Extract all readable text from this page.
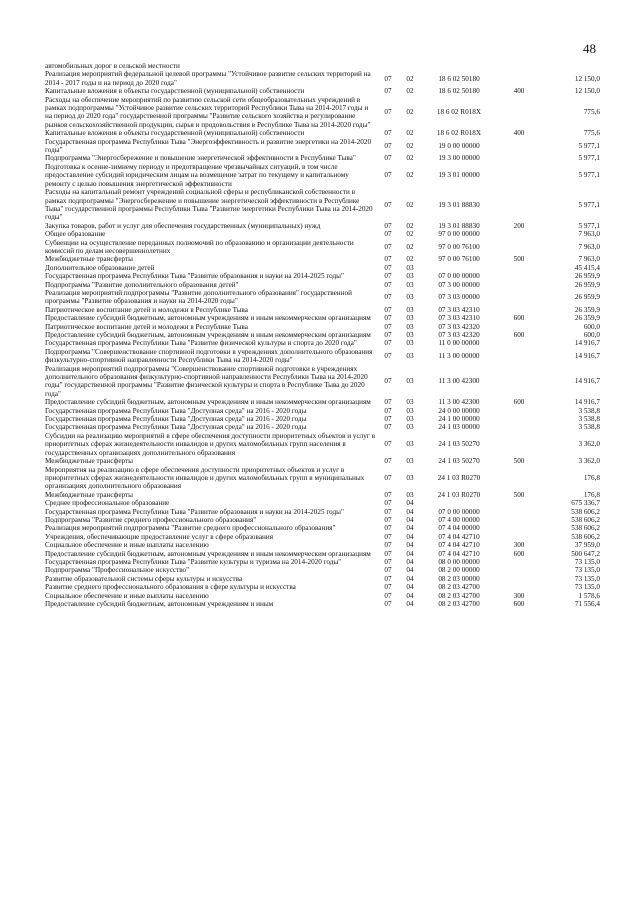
48
автомобильных дорог в сельской местности
Реализация мероприятий федеральной целевой программы "Устойчивое развитие сельских территорий на 2014 - 2017 годы и на период до 2020 года"
07	02	18 6 02 50180	12 150,0
Капитальные вложения в объекты государственной (муниципальной) собственности	07	02	18 6 02 50180	400	12 150,0
Расходы на обеспечение мероприятий по развитию сельской сети общеобразовательных учреждений в рамках подпрограммы "Устойчивое развитие сельских территорий Республики Тыва на 2014-2017 годы и на период до 2020 года" государственной программы "Развитие сельского хозяйства и регулирование рынков сельскохозяйственной продукции, сырья и продовольствия в Республике Тыва на 2014-2020 годы"
07	02	18 6 02 R018Х	775,6
Капитальные вложения в объекты государственной (муниципальной) собственности	07	02	18 6 02 R018Х	400	775,6
Государственная программа Республики Тыва "Энергоэффективность и развитие энергетики на 2014-2020 годы"
07	02	19 0 00 00000	5 977,1
Подпрограмма "Энергосбережение и повышение энергетической эффективности в Республике Тыва"	07	02	19 3 00 00000	5 977,1
Подготовка к осенне-зимнему периоду и предотвращение чрезвычайных ситуаций, в том числе предоставление субсидий юридическим лицам на возмещение затрат по текущему и капитальному ремонту с целью повышения энергетической эффективности
07	02	19 3 01 00000	5 977,1
Расходы на капитальный ремонт учреждений социальной сферы и республиканской собственности в рамках подпрограммы "Энергосбережение и повышение энергетической эффективности в Республике Тыва" государственной программы Республики Тыва "Развитие энергетики Республики Тыва на 2014-2020 годы"
07	02	19 3 01 88830	5 977,1
Закупка товаров, работ и услуг для обеспечения государственных (муниципальных) нужд	07	02	19 3 01 88830	200	5 977,1
Общее образование	07	02	97 0 00 00000	7 963,0
Субвенции на осуществление переданных полномочий по образованию и организации деятельности комиссий по делам несовершеннолетних
07	02	97 0 00 76100	7 963,0
Межбюджетные трансферты	07	02	97 0 00 76100	500	7 963,0
Дополнительное образование детей	07	03	45 415,4
Государственная программа Республики Тыва "Развитие образования и науки на 2014-2025 годы"	07	03	07 0 00 00000	26 959,9
Подпрограмма "Развитие дополнительного образования детей"	07	03	07 3 00 00000	26 959,9
Реализация мероприятий подпрограммы "Развитие дополнительного образования" государственной программы "Развитие образования и науки на 2014-2020 годы"
07	03	07 3 03 00000	26 959,9
Патриотическое воспитание детей и молодежи в Республике Тыва	07	03	07 3 03 42310	26 359,9
Предоставление субсидий бюджетным, автономным учреждениям и иным некоммерческим организациям	07	03	07 3 03 42310	600	26 359,9
Патриотическое воспитание детей и молодежи в Республике Тыва	07	03	07 3 03 42320	600,0
Предоставление субсидий бюджетным, автономным учреждениям и иным некоммерческим организациям	07	03	07 3 03 42320	600	600,0
Государственная программа Республики Тыва "Развитие физической культуры и спорта до 2020 года"	07	03	11 0 00 00000	14 916,7
Подпрограмма "Совершенствование спортивной подготовки в учреждениях дополнительного образования физкультурно-спортивной направленности Республики Тыва на 2014-2020 годы"
07	03	11 3 00 00000	14 916,7
Реализация мероприятий подпрограммы "Совершенствование спортивной подготовки в учреждениях дополнительного образования физкультурно-спортивной направленности Республики Тыва на 2014-2020 годы" государственной программы "Развитие физической культуры и спорта в Республике Тыва до 2020 года"
07	03	11 3 00 42300	14 916,7
Предоставление субсидий бюджетным, автономным учреждениям и иным некоммерческим организациям	07	03	11 3 00 42300	600	14 916,7
Государственная программа Республики Тыва "Доступная среда" на 2016 - 2020 годы	07	03	24 0 00 00000	3 538,8
Государственная программа Республики Тыва "Доступная среда" на 2016 - 2020 годы	07	03	24 1 00 00000	3 538,8
Государственная программа Республики Тыва "Доступная среда" на 2016 - 2020 годы	07	03	24 1 03 00000	3 538,8
Субсидии на реализацию мероприятий в сфере обеспечения доступности приоритетных объектов и услуг в приоритетных сферах жизнедеятельности инвалидов и других маломобильных групп населения в государственных организациях дополнительного образования
07	03	24 1 03 50270	3 362,0
Межбюджетные трансферты	07	03	24 1 03 50270	500	3 362,0
Мероприятия на реализацию в сфере обеспечения доступности приоритетных объектов и услуг в приоритетных сферах жизнедеятельности инвалидов и других маломобильных групп в муниципальных организациях дополнительного образования
07	03	24 1 03 R0270	176,8
Межбюджетные трансферты	07	03	24 1 03 R0270	500	176,8
Среднее профессиональное образование	07	04	675 336,7
Государственная программа Республики Тыва "Развитие образования и науки на 2014-2025 годы"	07	04	07 0 00 00000	538 606,2
Подпрограмма "Развитие среднего профессионального образования"	07	04	07 4 00 00000	538 606,2
Реализация мероприятий подпрограммы "Развитие среднего профессионального образования"	07	04	07 4 04 00000	538 606,2
Учреждения, обеспечивающие предоставление услуг в сфере образования	07	04	07 4 04 42710	538 606,2
Социальное обеспечение и иные выплаты населению	07	04	07 4 04 42710	300	37 959,0
Предоставление субсидий бюджетным, автономным учреждениям и иным некоммерческим организациям	07	04	07 4 04 42710	600	500 647,2
Государственная программа Республики Тыва "Развитие культуры и туризма на 2014-2020 годы"	07	04	08 0 00 00000	73 135,0
Подпрограмма "Профессиональное искусство"	07	04	08 2 00 00000	73 135,0
Развитие образовательной системы сферы культуры и искусства	07	04	08 2 03 00000	73 135,0
Развитие среднего профессионального образования в сфере культуры и искусства	07	04	08 2 03 42700	73 135,0
Социальное обеспечение и иные выплаты населению	07	04	08 2 03 42700	300	1 578,6
Предоставление субсидий бюджетным, автономным учреждениям и иным	07	04	08 2 03 42700	600	71 556,4
